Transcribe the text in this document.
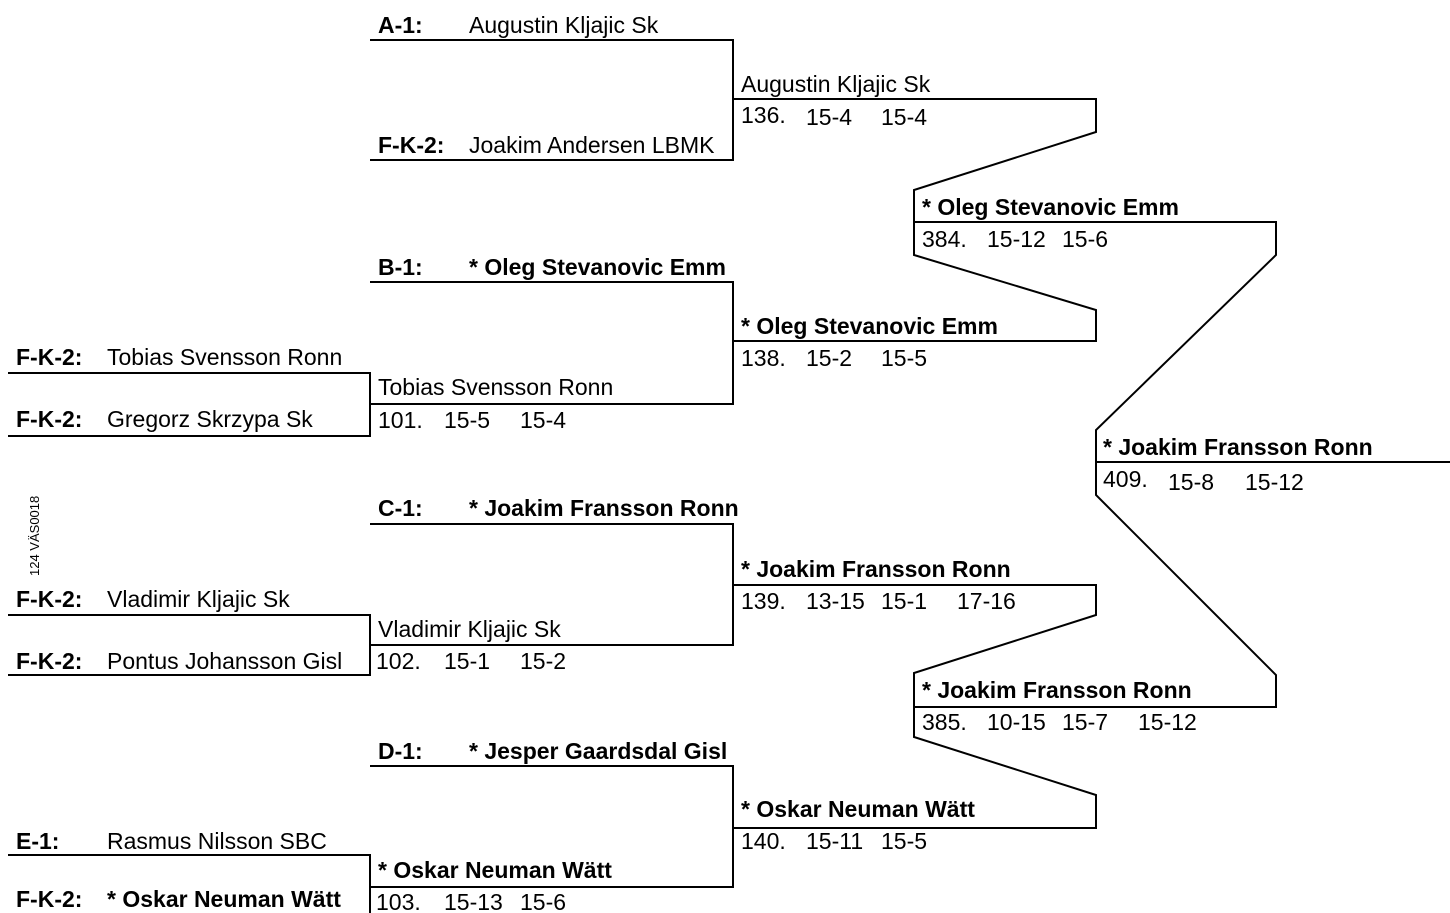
124 VÄS0018
A-1: Augustin Kljajic Sk
F-K-2: Joakim Andersen LBMK
B-1: * Oleg Stevanovic Emm
F-K-2: Tobias Svensson Ronn
F-K-2: Gregorz Skrzypa Sk
C-1: * Joakim Fransson Ronn
F-K-2: Vladimir Kljajic Sk
F-K-2: Pontus Johansson Gisl
D-1: * Jesper Gaardsdal Gisl
E-1: Rasmus Nilsson SBC
F-K-2: * Oskar Neuman Wätt
Tobias Svensson Ronn
101. 15-5 15-4
Vladimir Kljajic Sk
102. 15-1 15-2
* Oskar Neuman Wätt
103. 15-13 15-6
Augustin Kljajic Sk
136. 15-4 15-4
* Oleg Stevanovic Emm
138. 15-2 15-5
* Joakim Fransson Ronn
139. 13-15 15-1 17-16
* Oskar Neuman Wätt
140. 15-11 15-5
* Oleg Stevanovic Emm
384. 15-12 15-6
* Joakim Fransson Ronn
385. 10-15 15-7 15-12
* Joakim Fransson Ronn
409. 15-8 15-12
